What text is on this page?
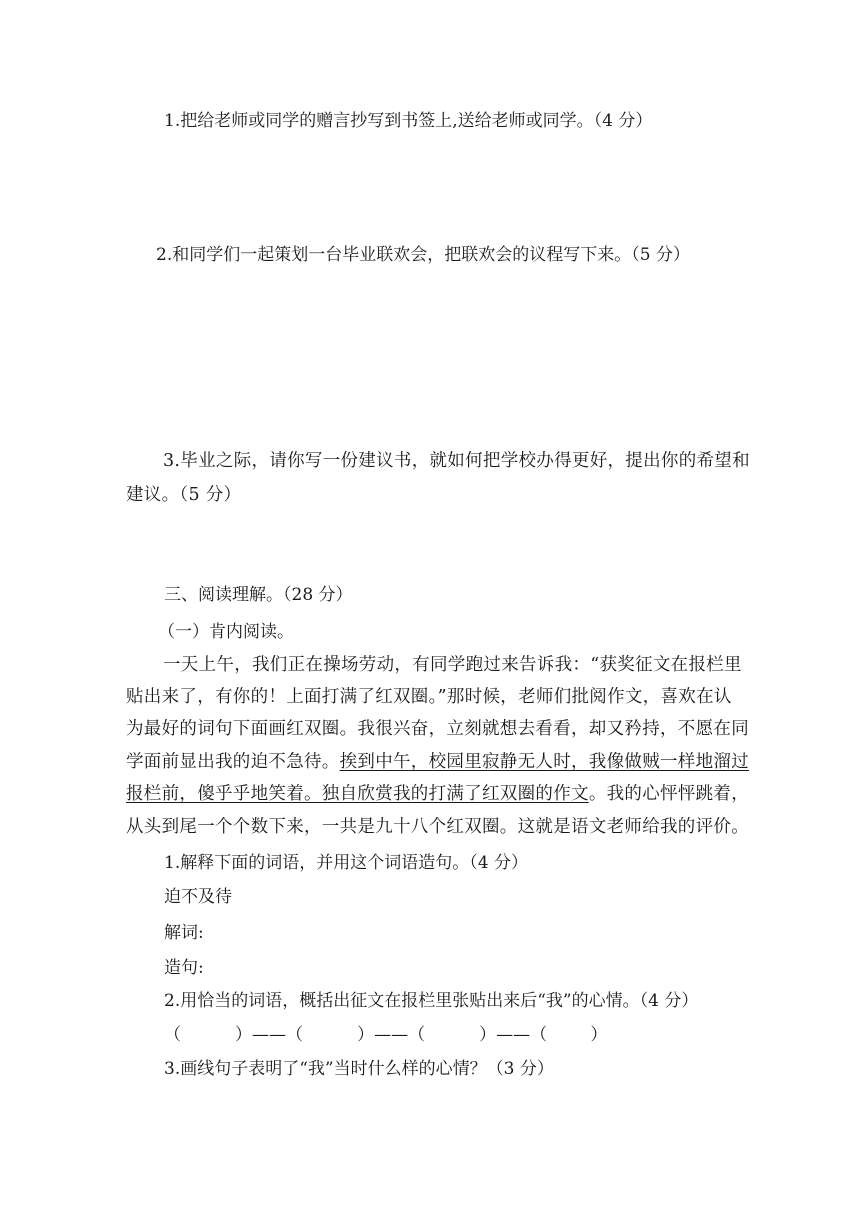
1.把给老师或同学的赠言抄写到书签上,送给老师或同学。（4 分）
2.和同学们一起策划一台毕业联欢会，把联欢会的议程写下来。（5 分）
3.毕业之际，请你写一份建议书，就如何把学校办得更好，提出你的希望和
建议。（5 分）
三、阅读理解。（28 分）
（一）肯内阅读。
一天上午，我们正在操场劳动，有同学跑过来告诉我：“获奖征文在报栏里
贴出来了，有你的！上面打满了红双圈。”那时候，老师们批阅作文，喜欢在认
为最好的词句下面画红双圈。我很兴奋，立刻就想去看看，却又矜持，不愿在同
学面前显出我的迫不急待。挨到中午，校园里寂静无人时，我像做贼一样地溜过
报栏前，傻乎乎地笑着。独自欣赏我的打满了红双圈的作文。我的心怦怦跳着，
从头到尾一个个数下来，一共是九十八个红双圈。这就是语文老师给我的评价。
1.解释下面的词语，并用这个词语造句。（4 分）
迫不及待
解词:
造句:
2.用恰当的词语，概括出征文在报栏里张贴出来后“我”的心情。（4 分）
（          ）——（          ）——（          ）——（        ）
3.画线句子表明了“我”当时什么样的心情？（3 分）
